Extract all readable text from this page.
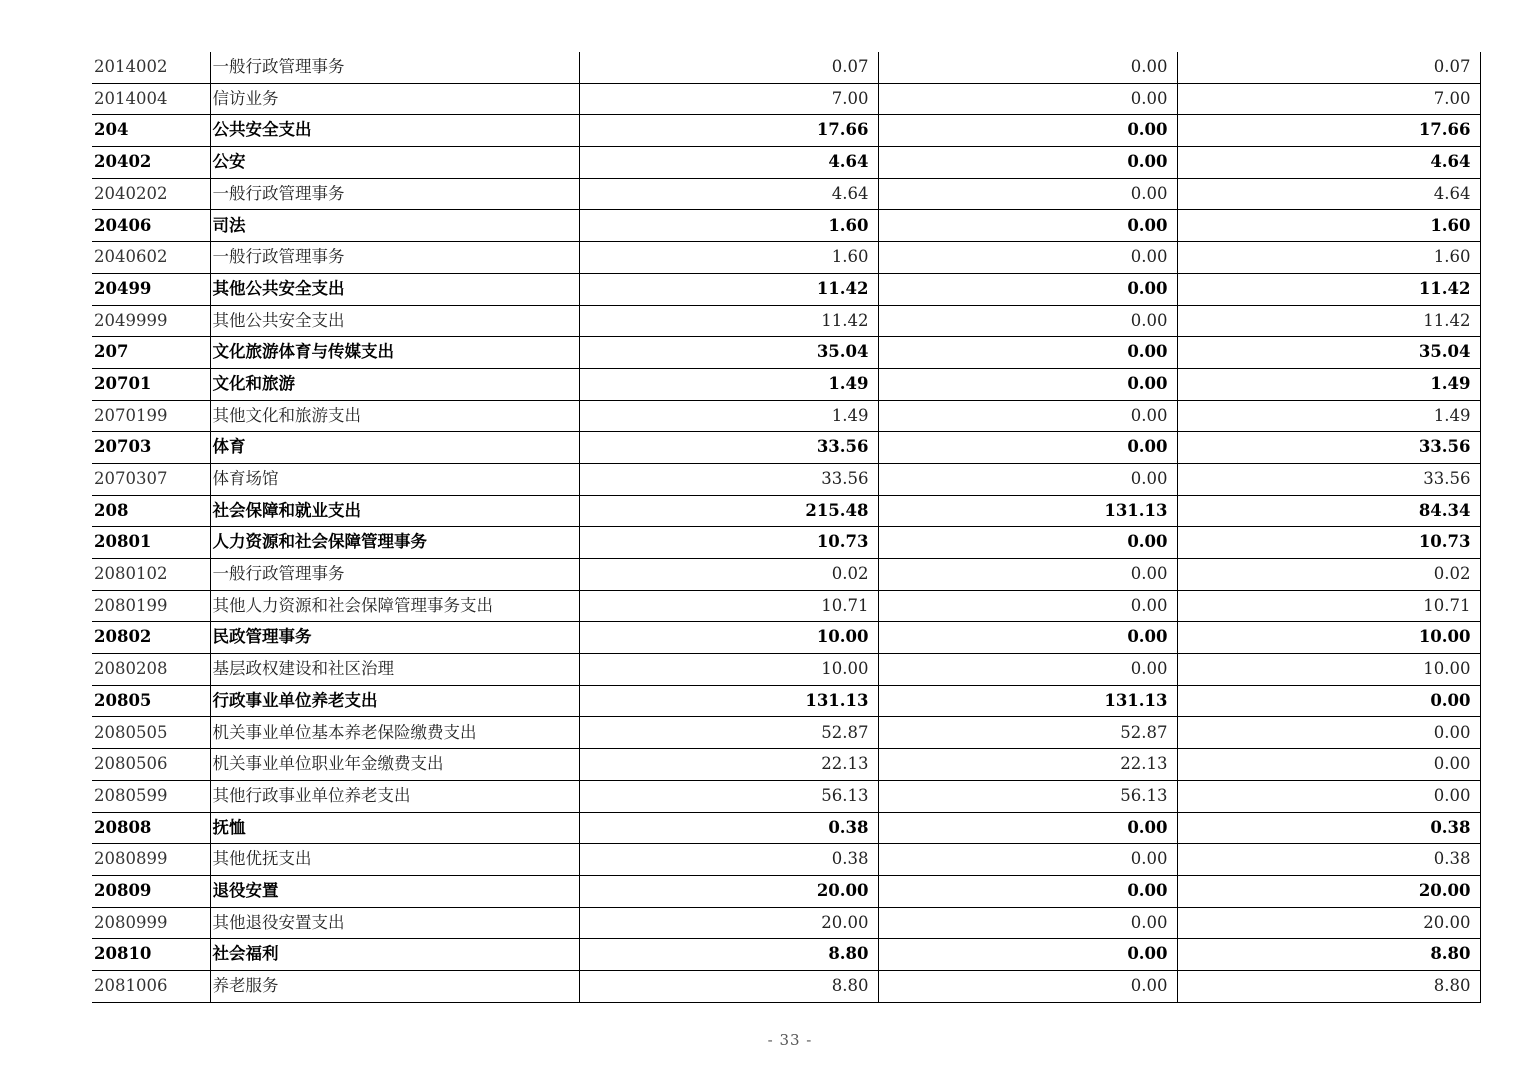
2014002	一般行政管理事务	0.07	0.00	0.07
2014004	信访业务	7.00	0.00	7.00
204	公共安全支出	17.66	0.00	17.66
20402	公安	4.64	0.00	4.64
2040202	一般行政管理事务	4.64	0.00	4.64
20406	司法	1.60	0.00	1.60
2040602	一般行政管理事务	1.60	0.00	1.60
20499	其他公共安全支出	11.42	0.00	11.42
2049999	其他公共安全支出	11.42	0.00	11.42
207	文化旅游体育与传媒支出	35.04	0.00	35.04
20701	文化和旅游	1.49	0.00	1.49
2070199	其他文化和旅游支出	1.49	0.00	1.49
20703	体育	33.56	0.00	33.56
2070307	体育场馆	33.56	0.00	33.56
208	社会保障和就业支出	215.48	131.13	84.34
20801	人力资源和社会保障管理事务	10.73	0.00	10.73
2080102	一般行政管理事务	0.02	0.00	0.02
2080199	其他人力资源和社会保障管理事务支出	10.71	0.00	10.71
20802	民政管理事务	10.00	0.00	10.00
2080208	基层政权建设和社区治理	10.00	0.00	10.00
20805	行政事业单位养老支出	131.13	131.13	0.00
2080505	机关事业单位基本养老保险缴费支出	52.87	52.87	0.00
2080506	机关事业单位职业年金缴费支出	22.13	22.13	0.00
2080599	其他行政事业单位养老支出	56.13	56.13	0.00
20808	抚恤	0.38	0.00	0.38
2080899	其他优抚支出	0.38	0.00	0.38
20809	退役安置	20.00	0.00	20.00
2080999	其他退役安置支出	20.00	0.00	20.00
20810	社会福利	8.80	0.00	8.80
2081006	养老服务	8.80	0.00	8.80
- 33 -
